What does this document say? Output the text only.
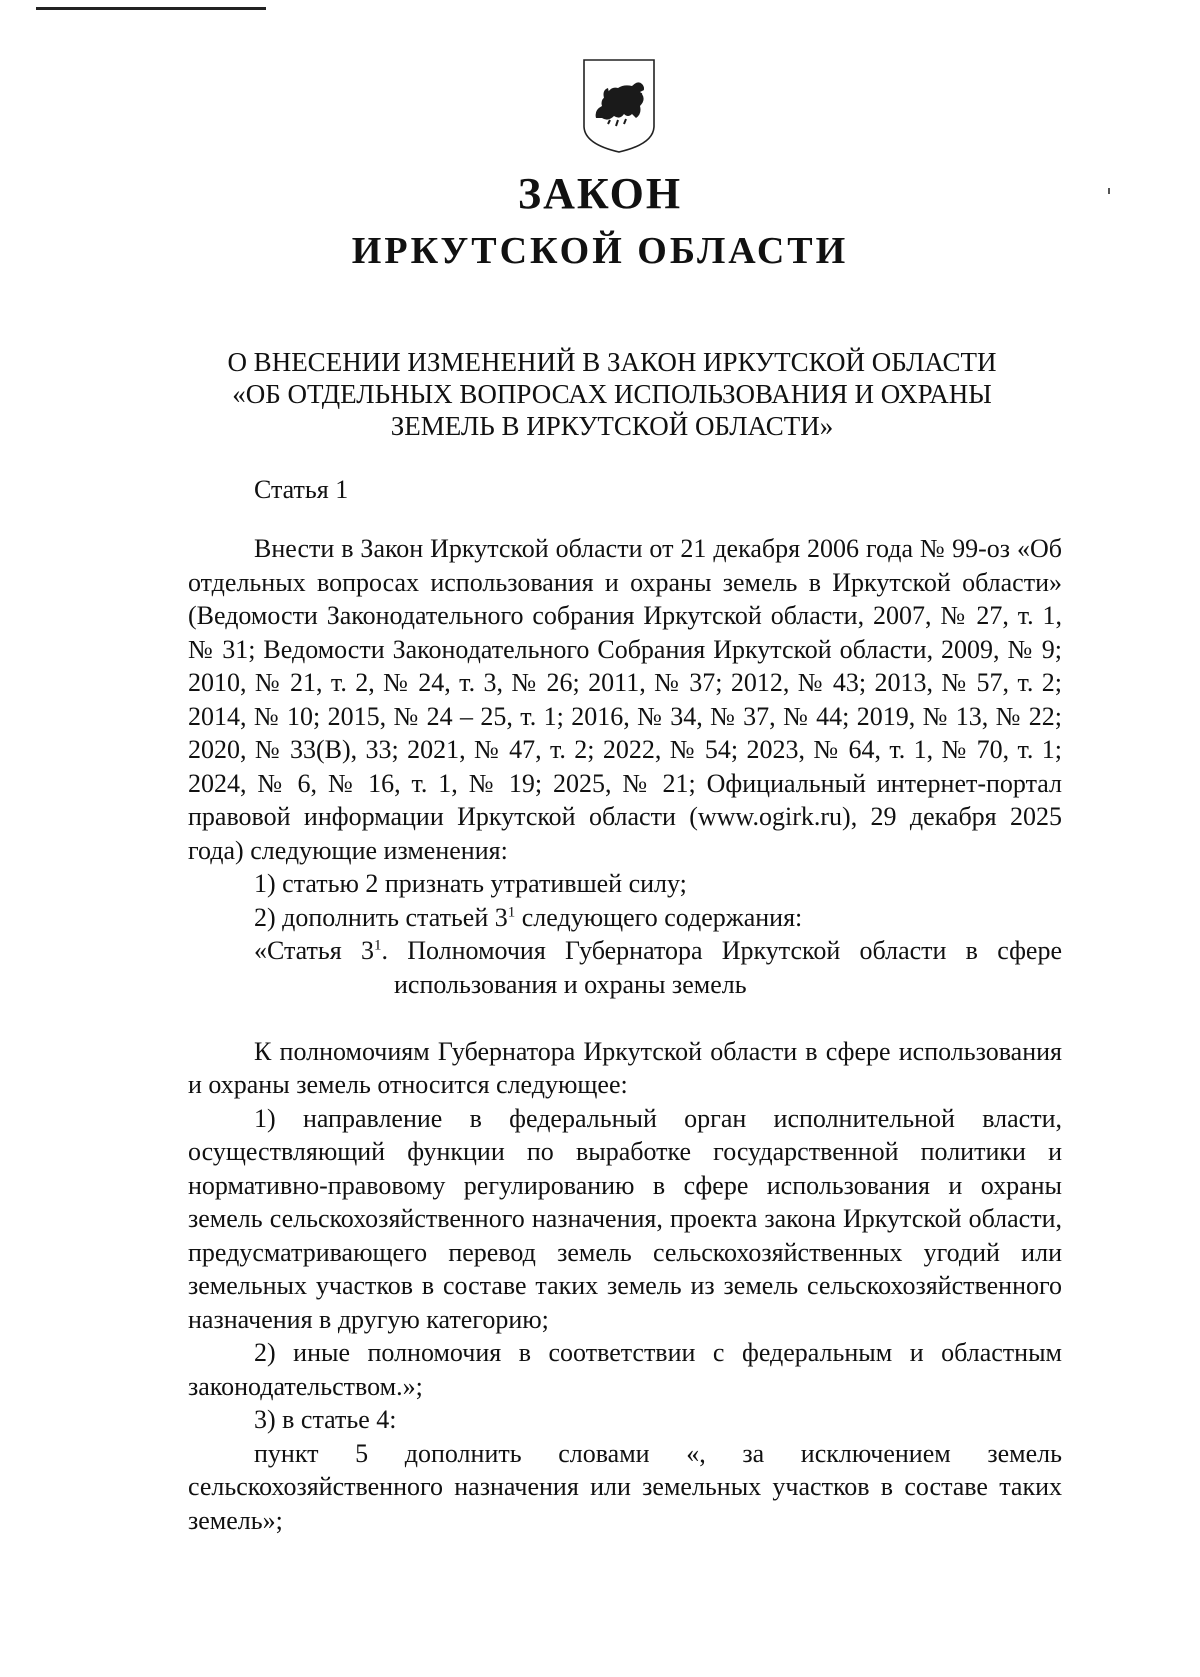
ЗАКОН
ИРКУТСКОЙ ОБЛАСТИ
О ВНЕСЕНИИ ИЗМЕНЕНИЙ В ЗАКОН ИРКУТСКОЙ ОБЛАСТИ
«ОБ ОТДЕЛЬНЫХ ВОПРОСАХ ИСПОЛЬЗОВАНИЯ И ОХРАНЫ
ЗЕМЕЛЬ В ИРКУТСКОЙ ОБЛАСТИ»
Статья 1

Внести в Закон Иркутской области от 21 декабря 2006 года № 99-оз «Об отдельных вопросах использования и охраны земель в Иркутской области» (Ведомости Законодательного собрания Иркутской области, 2007, № 27, т. 1, № 31; Ведомости Законодательного Собрания Иркутской области, 2009, № 9; 2010, № 21, т. 2, № 24, т. 3, № 26; 2011, № 37; 2012, № 43; 2013, № 57, т. 2; 2014, № 10; 2015, № 24 – 25, т. 1; 2016, № 34, № 37, № 44; 2019, № 13, № 22; 2020, № 33(В), 33; 2021, № 47, т. 2; 2022, № 54; 2023, № 64, т. 1, № 70, т. 1; 2024, № 6, № 16, т. 1, № 19; 2025, № 21; Официальный интернет-портал правовой информации Иркутской области (www.ogirk.ru), 29 декабря 2025 года) следующие изменения:

1) статью 2 признать утратившей силу;

2) дополнить статьей $3^1$ следующего содержания:

«Статья $3^1$. Полномочия Губернатора Иркутской области в сфере
использования и охраны земель

К полномочиям Губернатора Иркутской области в сфере использования и охраны земель относится следующее:

1) направление в федеральный орган исполнительной власти, осуществляющий функции по выработке государственной политики и нормативно-правовому регулированию в сфере использования и охраны земель сельскохозяйственного назначения, проекта закона Иркутской области, предусматривающего перевод земель сельскохозяйственных угодий или земельных участков в составе таких земель из земель сельскохозяйственного назначения в другую категорию;

2) иные полномочия в соответствии с федеральным и областным законодательством.»;

3) в статье 4:

пункт 5 дополнить словами «, за исключением земель сельскохозяйственного назначения или земельных участков в составе таких земель»;
